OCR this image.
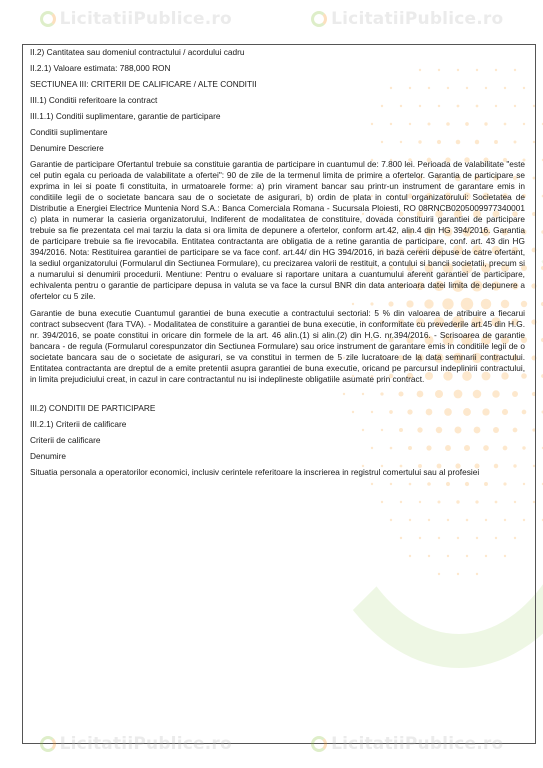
LicitatiiPublice.ro	LicitatiiPublice.ro

II.2) Cantitatea sau domeniul contractului / acordului cadru

II.2.1) Valoare estimata: 788,000 RON

SECTIUNEA III: CRITERII DE CALIFICARE / ALTE CONDITII

III.1) Conditii referitoare la contract

III.1.1) Conditii suplimentare, garantie de participare

Conditii suplimentare

Denumire Descriere

Garantie de participare Ofertantul trebuie sa constituie garantia de participare in cuantumul de: 7.800 lei. Perioada de valabilitate "este cel putin egala cu perioada de valabilitate a ofertei": 90 de zile de la termenul limita de primire a ofertelor. Garantia de participare se exprima in lei si poate fi constituita, in urmatoarele forme: a) prin virament bancar sau printr-un instrument de garantare emis in conditiile legii de o societate bancara sau de o societate de asigurari, b) ordin de plata in contul organizatorului: Societatea de Distributie a Energiei Electrice Muntenia Nord S.A.: Banca Comerciala Romana - Sucursala Ploiesti, RO 08RNCB0205009977340001 c) plata in numerar la casieria organizatorului, Indiferent de modalitatea de constituire, dovada constituirii garantiei de participare trebuie sa fie prezentata cel mai tarziu la data si ora limita de depunere a ofertelor, conform art.42, alin.4 din HG 394/2016. Garantia de participare trebuie sa fie irevocabila. Entitatea contractanta are obligatia de a retine garantia de participare, conf. art. 43 din HG 394/2016. Nota: Restituirea garantiei de participare se va face conf. art.44/ din HG 394/2016, in baza cererii depuse de catre ofertant, la sediul organizatorului (Formularul din Sectiunea Formulare), cu precizarea valorii de restituit, a contului si bancii societatii, precum si a numarului si denumirii procedurii. Mentiune: Pentru o evaluare si raportare unitara a cuantumului aferent garantiei de participare, echivalenta pentru o garantie de participare depusa in valuta se va face la cursul BNR din data anterioara datei limita de depunere a ofertelor cu 5 zile.

Garantie de buna executie Cuantumul garantiei de buna executie a contractului sectorial: 5 % din valoarea de atribuire a fiecarui contract subsecvent (fara TVA). - Modalitatea de constituire a garantiei de buna executie, in conformitate cu prevederile art.45 din H.G. nr. 394/2016, se poate constitui in oricare din formele de la art. 46 alin.(1) si alin.(2) din H.G. nr.394/2016. - Scrisoarea de garantie bancara - de regula (Formularul corespunzator din Sectiunea Formulare) sau orice instrument de garantare emis in conditiile legii de o societate bancara sau de o societate de asigurari, se va constitui in termen de 5 zile lucratoare de la data semnarii contractului. Entitatea contractanta are dreptul de a emite pretentii asupra garantiei de buna executie, oricand pe parcursul indeplinirii contractului, in limita prejudiciului creat, in cazul in care contractantul nu isi indeplineste obligatiile asumate prin contract.

III.2) CONDITII DE PARTICIPARE

III.2.1) Criterii de calificare

Criterii de calificare

Denumire

Situatia personala a operatorilor economici, inclusiv cerintele referitoare la inscrierea in registrul comertului sau al profesiei

LicitatiiPublice.ro	LicitatiiPublice.ro
